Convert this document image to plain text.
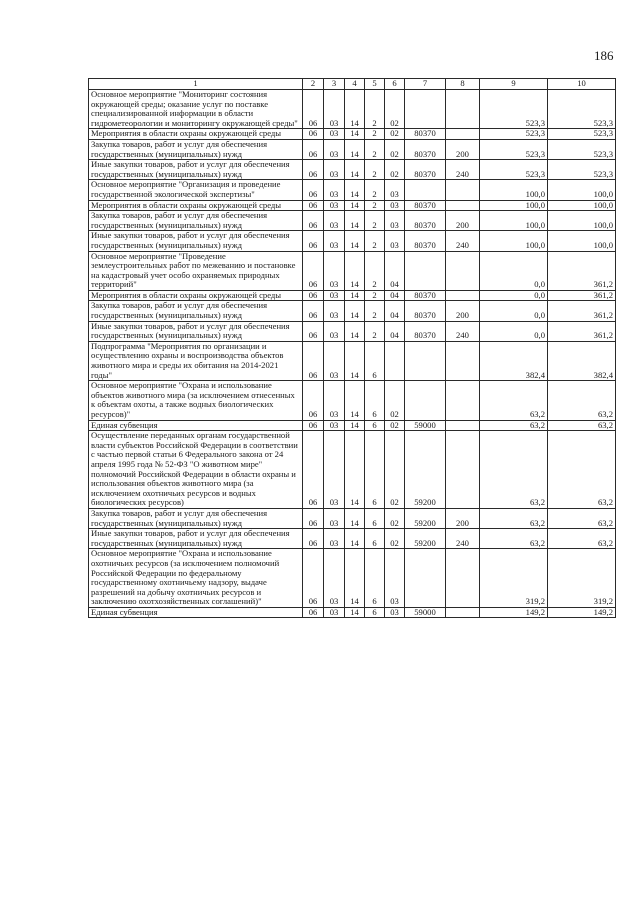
186
1	2	3	4	5	6	7	8	9	10
Основное мероприятие "Мониторинг состояния окружающей среды; оказание услуг по поставке специализированной информации в области гидрометеорологии и мониторингу окружающей среды"	06	03	14	2	02			523,3	523,3
Мероприятия в области охраны окружающей среды	06	03	14	2	02	80370		523,3	523,3
Закупка товаров, работ и услуг для обеспечения государственных (муниципальных) нужд	06	03	14	2	02	80370	200	523,3	523,3
Иные закупки товаров, работ и услуг для обеспечения государственных (муниципальных) нужд	06	03	14	2	02	80370	240	523,3	523,3
Основное мероприятие "Организация и проведение государственной экологической экспертизы"	06	03	14	2	03			100,0	100,0
Мероприятия в области охраны окружающей среды	06	03	14	2	03	80370		100,0	100,0
Закупка товаров, работ и услуг для обеспечения государственных (муниципальных) нужд	06	03	14	2	03	80370	200	100,0	100,0
Иные закупки товаров, работ и услуг для обеспечения государственных (муниципальных) нужд	06	03	14	2	03	80370	240	100,0	100,0
Основное мероприятие "Проведение землеустроительных работ по межеванию и постановке на кадастровый учет особо охраняемых природных территорий"	06	03	14	2	04			0,0	361,2
Мероприятия в области охраны окружающей среды	06	03	14	2	04	80370		0,0	361,2
Закупка товаров, работ и услуг для обеспечения государственных (муниципальных) нужд	06	03	14	2	04	80370	200	0,0	361,2
Иные закупки товаров, работ и услуг для обеспечения государственных (муниципальных) нужд	06	03	14	2	04	80370	240	0,0	361,2
Подпрограмма "Мероприятия по организации и осуществлению охраны и воспроизводства объектов животного мира и среды их обитания на 2014-2021 годы"	06	03	14	6				382,4	382,4
Основное мероприятие "Охрана и использование объектов животного мира (за исключением отнесенных к объектам охоты, а также водных биологических ресурсов)"	06	03	14	6	02			63,2	63,2
Единая субвенция	06	03	14	6	02	59000		63,2	63,2
Осуществление переданных органам государственной власти субъектов Российской Федерации в соответствии с частью первой статьи 6 Федерального закона от 24 апреля 1995 года № 52-ФЗ "О животном мире" полномочий Российской Федерации в области охраны и использования объектов животного мира (за исключением охотничьих ресурсов и водных биологических ресурсов)	06	03	14	6	02	59200		63,2	63,2
Закупка товаров, работ и услуг для обеспечения государственных (муниципальных) нужд	06	03	14	6	02	59200	200	63,2	63,2
Иные закупки товаров, работ и услуг для обеспечения государственных (муниципальных) нужд	06	03	14	6	02	59200	240	63,2	63,2
Основное мероприятие "Охрана и использование охотничьих ресурсов (за исключением полномочий Российской Федерации по федеральному государственному охотничьему надзору, выдаче разрешений на добычу охотничьих ресурсов и заключению охотхозяйственных соглашений)"	06	03	14	6	03			319,2	319,2
Единая субвенция	06	03	14	6	03	59000		149,2	149,2
